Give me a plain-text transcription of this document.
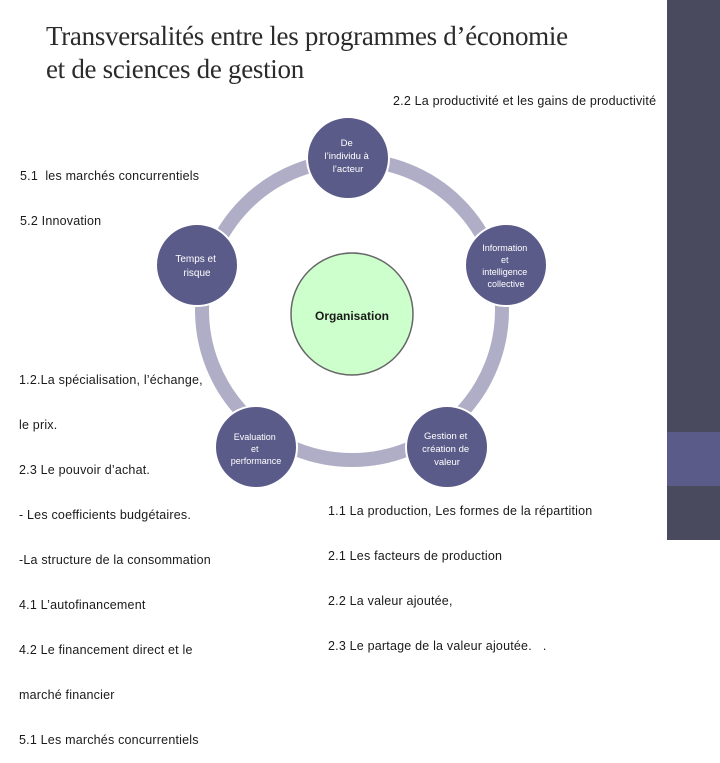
Transversalités entre les programmes d’économie
et de sciences de gestion
2.2 La productivité et les gains de productivité

5.1  les marchés concurrentiels

5.2 Innovation

Organisation
De l’individu à l’acteur
Information et intelligence collective
Gestion et création de valeur
Evaluation et performance
Temps et risque

1.2.La spécialisation, l’échange,

le prix.

2.3 Le pouvoir d’achat.

- Les coefficients budgétaires.

-La structure de la consommation

4.1 L’autofinancement

4.2 Le financement direct et le

marché financier

5.1 Les marchés concurrentiels

1.1 La production, Les formes de la répartition

2.1 Les facteurs de production

2.2 La valeur ajoutée,

2.3 Le partage de la valeur ajoutée.   .
